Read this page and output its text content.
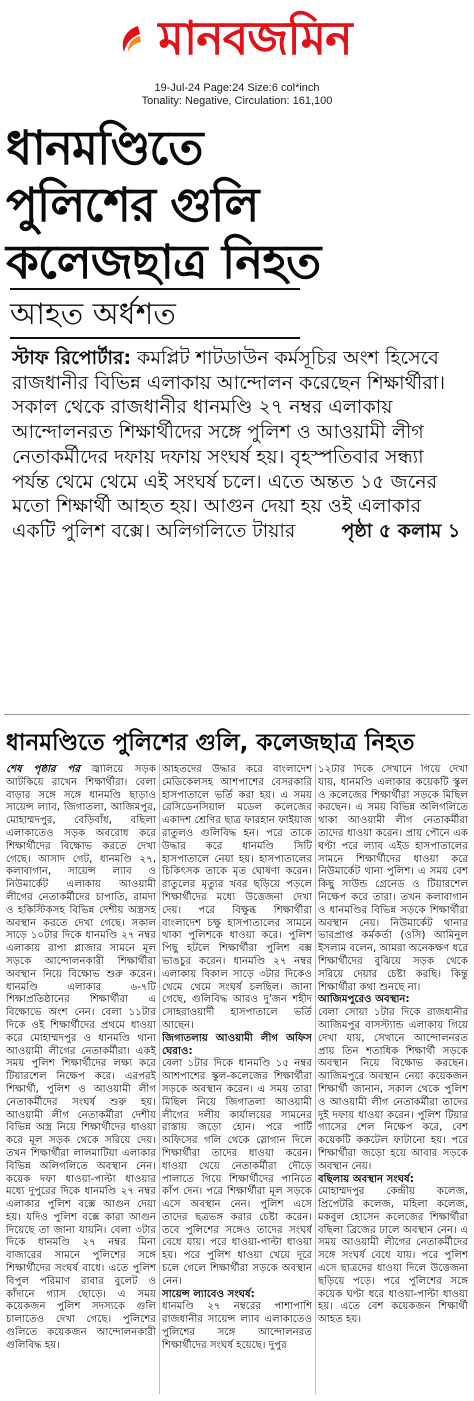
মানবজমিন
19-Jul-24 Page:24 Size:6 col*inch
Tonality: Negative, Circulation: 161,100
ধানমণ্ডিতে
পুলিশের গুলি
কলেজছাত্র নিহত
আহত অর্ধশত
স্টাফ রিপোর্টার: কমপ্লিট শাটডাউন কর্মসূচির অংশ হিসেবে রাজধানীর বিভিন্ন এলাকায় আন্দোলন করেছেন শিক্ষার্থীরা। সকাল থেকে রাজধানীর ধানমণ্ডি ২৭ নম্বর এলাকায় আন্দোলনরত শিক্ষার্থীদের সঙ্গে পুলিশ ও আওয়ামী লীগ নেতাকর্মীদের দফায় দফায় সংঘর্ষ হয়। বৃহস্পতিবার সন্ধ্যা পর্যন্ত থেমে থেমে এই সংঘর্ষ চলে। এতে অন্তত ১৫ জনের মতো শিক্ষার্থী আহত হয়। আগুন দেয়া হয় ওই এলাকার একটি পুলিশ বক্সে। অলিগলিতে টায়ার পৃষ্ঠা ৫ কলাম ১
ধানমণ্ডিতে পুলিশের গুলি, কলেজছাত্র নিহত

শেষ পৃষ্ঠার পর জ্বালিয়ে সড়ক আটকিয়ে রাখেন শিক্ষার্থীরা। বেলা বাড়ার সঙ্গে সঙ্গে ধানমণ্ডি ছাড়াও সায়েন্স ল্যাব, জিগাতলা, আজিমপুর, মোহাম্মদপুর, বেড়িবাঁধ, বছিলা এলাকাতেও সড়ক অবরোধ করে শিক্ষার্থীদের বিক্ষোভ করতে দেখা গেছে। আসাদ গেট, ধানমণ্ডি ২৭, কলাবাগান, সায়েন্স ল্যাব ও নিউমার্কেট এলাকায় আওয়ামী লীগের নেতাকর্মীদের চাপাতি, রামদা ও হকিস্টিকসহ বিভিন্ন দেশীয় অস্ত্রসহ অবস্থান করতে দেখা গেছে। সকাল সাড়ে ১০টার দিকে ধানমণ্ডি ২৭ নম্বর এলাকায় রাপা প্লাজার সামনে মূল সড়কে আন্দোলনকারী শিক্ষার্থীরা অবস্থান নিয়ে বিক্ষোভ শুরু করেন। ধানমণ্ডি এলাকার ৬-৭টি শিক্ষাপ্রতিষ্ঠানের শিক্ষার্থীরা এ বিক্ষোভে অংশ নেন। বেলা ১১টার দিকে ওই শিক্ষার্থীদের প্রথমে ধাওয়া করে মোহাম্মদপুর ও ধানমণ্ডি থানা আওয়ামী লীগের নেতাকর্মীরা। একই সময় পুলিশ শিক্ষার্থীদের লক্ষ্য করে টিয়ারশেল নিক্ষেপ করে। এরপরই শিক্ষার্থী, পুলিশ ও আওয়ামী লীগ নেতাকর্মীদের সংঘর্ষ শুরু হয়। আওয়ামী লীগ নেতাকর্মীরা দেশীয় বিভিন্ন অস্ত্র নিয়ে শিক্ষার্থীদের ধাওয়া করে মূল সড়ক থেকে সরিয়ে দেয়। তখন শিক্ষার্থীরা লালমাটিয়া এলাকার বিভিন্ন অলিগলিতে অবস্থান নেন। কয়েক দফা ধাওয়া-পাল্টা ধাওয়ার মধ্যে দুপুরের দিকে ধানমণ্ডি ২৭ নম্বর এলাকার পুলিশ বক্সে আগুন দেয়া হয়। যদিও পুলিশ বক্সে কারা আগুন দিয়েছে তা জানা যায়নি। বেলা ৩টার দিকে ধানমণ্ডি ২৭ নম্বর মিনা বাজারের সামনে পুলিশের সঙ্গে শিক্ষার্থীদের সংঘর্ষ বাধে। এতে পুলিশ বিপুল পরিমাণ রাবার বুলেট ও কাঁদানে গ্যাস ছোড়ে। এ সময় কয়েকজন পুলিশ সদস্যকে গুলি চালাতেও দেখা গেছে। পুলিশের গুলিতে কয়েকজন আন্দোলনকারী গুলিবিদ্ধ হয়।

আহতদের উদ্ধার করে বাংলাদেশ মেডিকেলসহ আশপাশের বেসরকারি হাসপাতালে ভর্তি করা হয়। এ সময় রেসিডেনসিয়াল মডেল কলেজের একাদশ শ্রেণির ছাত্র ফারহান ফাইয়াজ রাতুলও গুলিবিদ্ধ হন। পরে তাকে উদ্ধার করে ধানমণ্ডি সিটি হাসপাতালে নেয়া হয়। হাসপাতালের চিকিৎসক তাকে মৃত ঘোষণা করেন। রাতুলের মৃত্যুর খবর ছড়িয়ে পড়লে শিক্ষার্থীদের মধ্যে উত্তেজনা দেখা দেয়। পরে বিক্ষুব্ধ শিক্ষার্থীরা বাংলাদেশ চক্ষু হাসপাতালের সামনে থাকা পুলিশকে ধাওয়া করে। পুলিশ পিছু হটলে শিক্ষার্থীরা পুলিশ বক্স ভাঙচুর করেন। ধানমণ্ডি ২৭ নম্বর এলাকায় বিকাল সাড়ে ৩টার দিকেও থেমে থেমে সংঘর্ষ চলছিল। জানা গেছে, গুলিবিদ্ধ আরও দু'জন শহীদ সোহরাওয়ার্দী হাসপাতালে ভর্তি আছেন।

জিগাতলায় আওয়ামী লীগ অফিস ঘেরাও:
বেলা ১টার দিকে ধানমণ্ডি ১৫ নম্বর আশপাশের স্কুল-কলেজের শিক্ষার্থীরা সড়কে অবস্থান করেন। এ সময় তারা মিছিল নিয়ে জিগাতলা আওয়ামী লীগের দলীয় কার্যালয়ের সামনের রাস্তায় জড়ো হোন। পরে পার্টি অফিসের গলি থেকে স্লোগান দিলে শিক্ষার্থীরা তাদের ধাওয়া করেন। ধাওয়া খেয়ে নেতাকর্মীরা দৌড়ে পালাতে গিয়ে শিক্ষার্থীদের পানিতে কাঁপ দেন। পরে শিক্ষার্থীরা মূল সড়কে এসে অবস্থান নেন। পুলিশ এসে তাদের ছত্রভঙ্গ করার চেষ্টা করেন। তবে পুলিশের সঙ্গেও তাদের সংঘর্ষ বেধে যায়। পরে ধাওয়া-পাল্টা ধাওয়া হয়। পরে পুলিশ ধাওয়া খেয়ে দূরে চলে গেলে শিক্ষার্থীরা সড়কে অবস্থান নেন।

সায়েন্স ল্যাবেও সংঘর্ষ:
ধানমণ্ডি ২৭ নম্বরের পাশাপাশি রাজধানীর সায়েন্স ল্যাব এলাকাতেও পুলিশের সঙ্গে আন্দোলনরত শিক্ষার্থীদের সংঘর্ষ হয়েছে। দুপুর

১২টার দিকে সেখানে গিয়ে দেখা যায়, ধানমণ্ডি এলাকার কয়েকটি স্কুল ও কলেজের শিক্ষার্থীরা সড়কে মিছিল করছেন। এ সময় বিভিন্ন অলিগলিতে থাকা আওয়ামী লীগ নেতাকর্মীরা তাদের ধাওয়া করেন। প্রায় পৌনে এক ঘণ্টা পরে ল্যাব এইড হাসপাতালের সামনে শিক্ষার্থীদের ধাওয়া করে নিউমার্কেট থানা পুলিশ। এ সময় বেশ কিছু সাউন্ড গ্রেনেড ও টিয়ারশেল নিক্ষেপ করে তারা। তখন কলাবাগান ও ধানমণ্ডির বিভিন্ন সড়কে শিক্ষার্থীরা অবস্থান নেয়। নিউমার্কেট থানার ভারপ্রাপ্ত কর্মকর্তা (ওসি) আমিনুল ইসলাম বলেন, আমরা অনেকক্ষণ ধরে শিক্ষার্থীদের বুঝিয়ে সড়ক থেকে সরিয়ে দেয়ার চেষ্টা করছি। কিন্তু শিক্ষার্থীরা কথা শুনছে না।

আজিমপুরেও অবস্থান:
বেলা সোয়া ১টার দিকে রাজধানীর আজিমপুর বাসস্ট্যান্ড এলাকায় গিয়ে দেখা যায়, সেখানে আন্দোলনরত প্রায় তিন শতাধিক শিক্ষার্থী সড়কে অবস্থান নিয়ে বিক্ষোভ করছেন। আজিমপুরে অবস্থান নেয়া কয়েকজন শিক্ষার্থী জানান, সকাল থেকে পুলিশ ও আওয়ামী লীগ নেতাকর্মীরা তাদের দুই দফায় ধাওয়া করেন। পুলিশ টিয়ার গ্যাসের শেল নিক্ষেপ করে, বেশ কয়েকটি ককটেল ফাটানো হয়। পরে শিক্ষার্থীরা জড়ো হয়ে আবার সড়কে অবস্থান নেয়।

বছিলায় অবস্থান সংঘর্ষ:
মোহাম্মদপুর কেন্দ্রীয় কলেজ, প্রিপেটরি কলেজ, মহিলা কলেজ, মকবুল হোসেন কলেজের শিক্ষার্থীরা বছিলা ব্রিজের ঢালে অবস্থান নেন। এ সময় আওয়ামী লীগের নেতাকর্মীদের সঙ্গে সংঘর্ষ বেধে যায়। পরে পুলিশ এসে ছাত্রদের ধাওয়া দিলে উত্তেজনা ছড়িয়ে পড়ে। পরে পুলিশের সঙ্গে কয়েক ঘণ্টা ধরে ধাওয়া-পাল্টা ধাওয়া হয়। এতে বেশ কয়েকজন শিক্ষার্থী আহত হয়।
